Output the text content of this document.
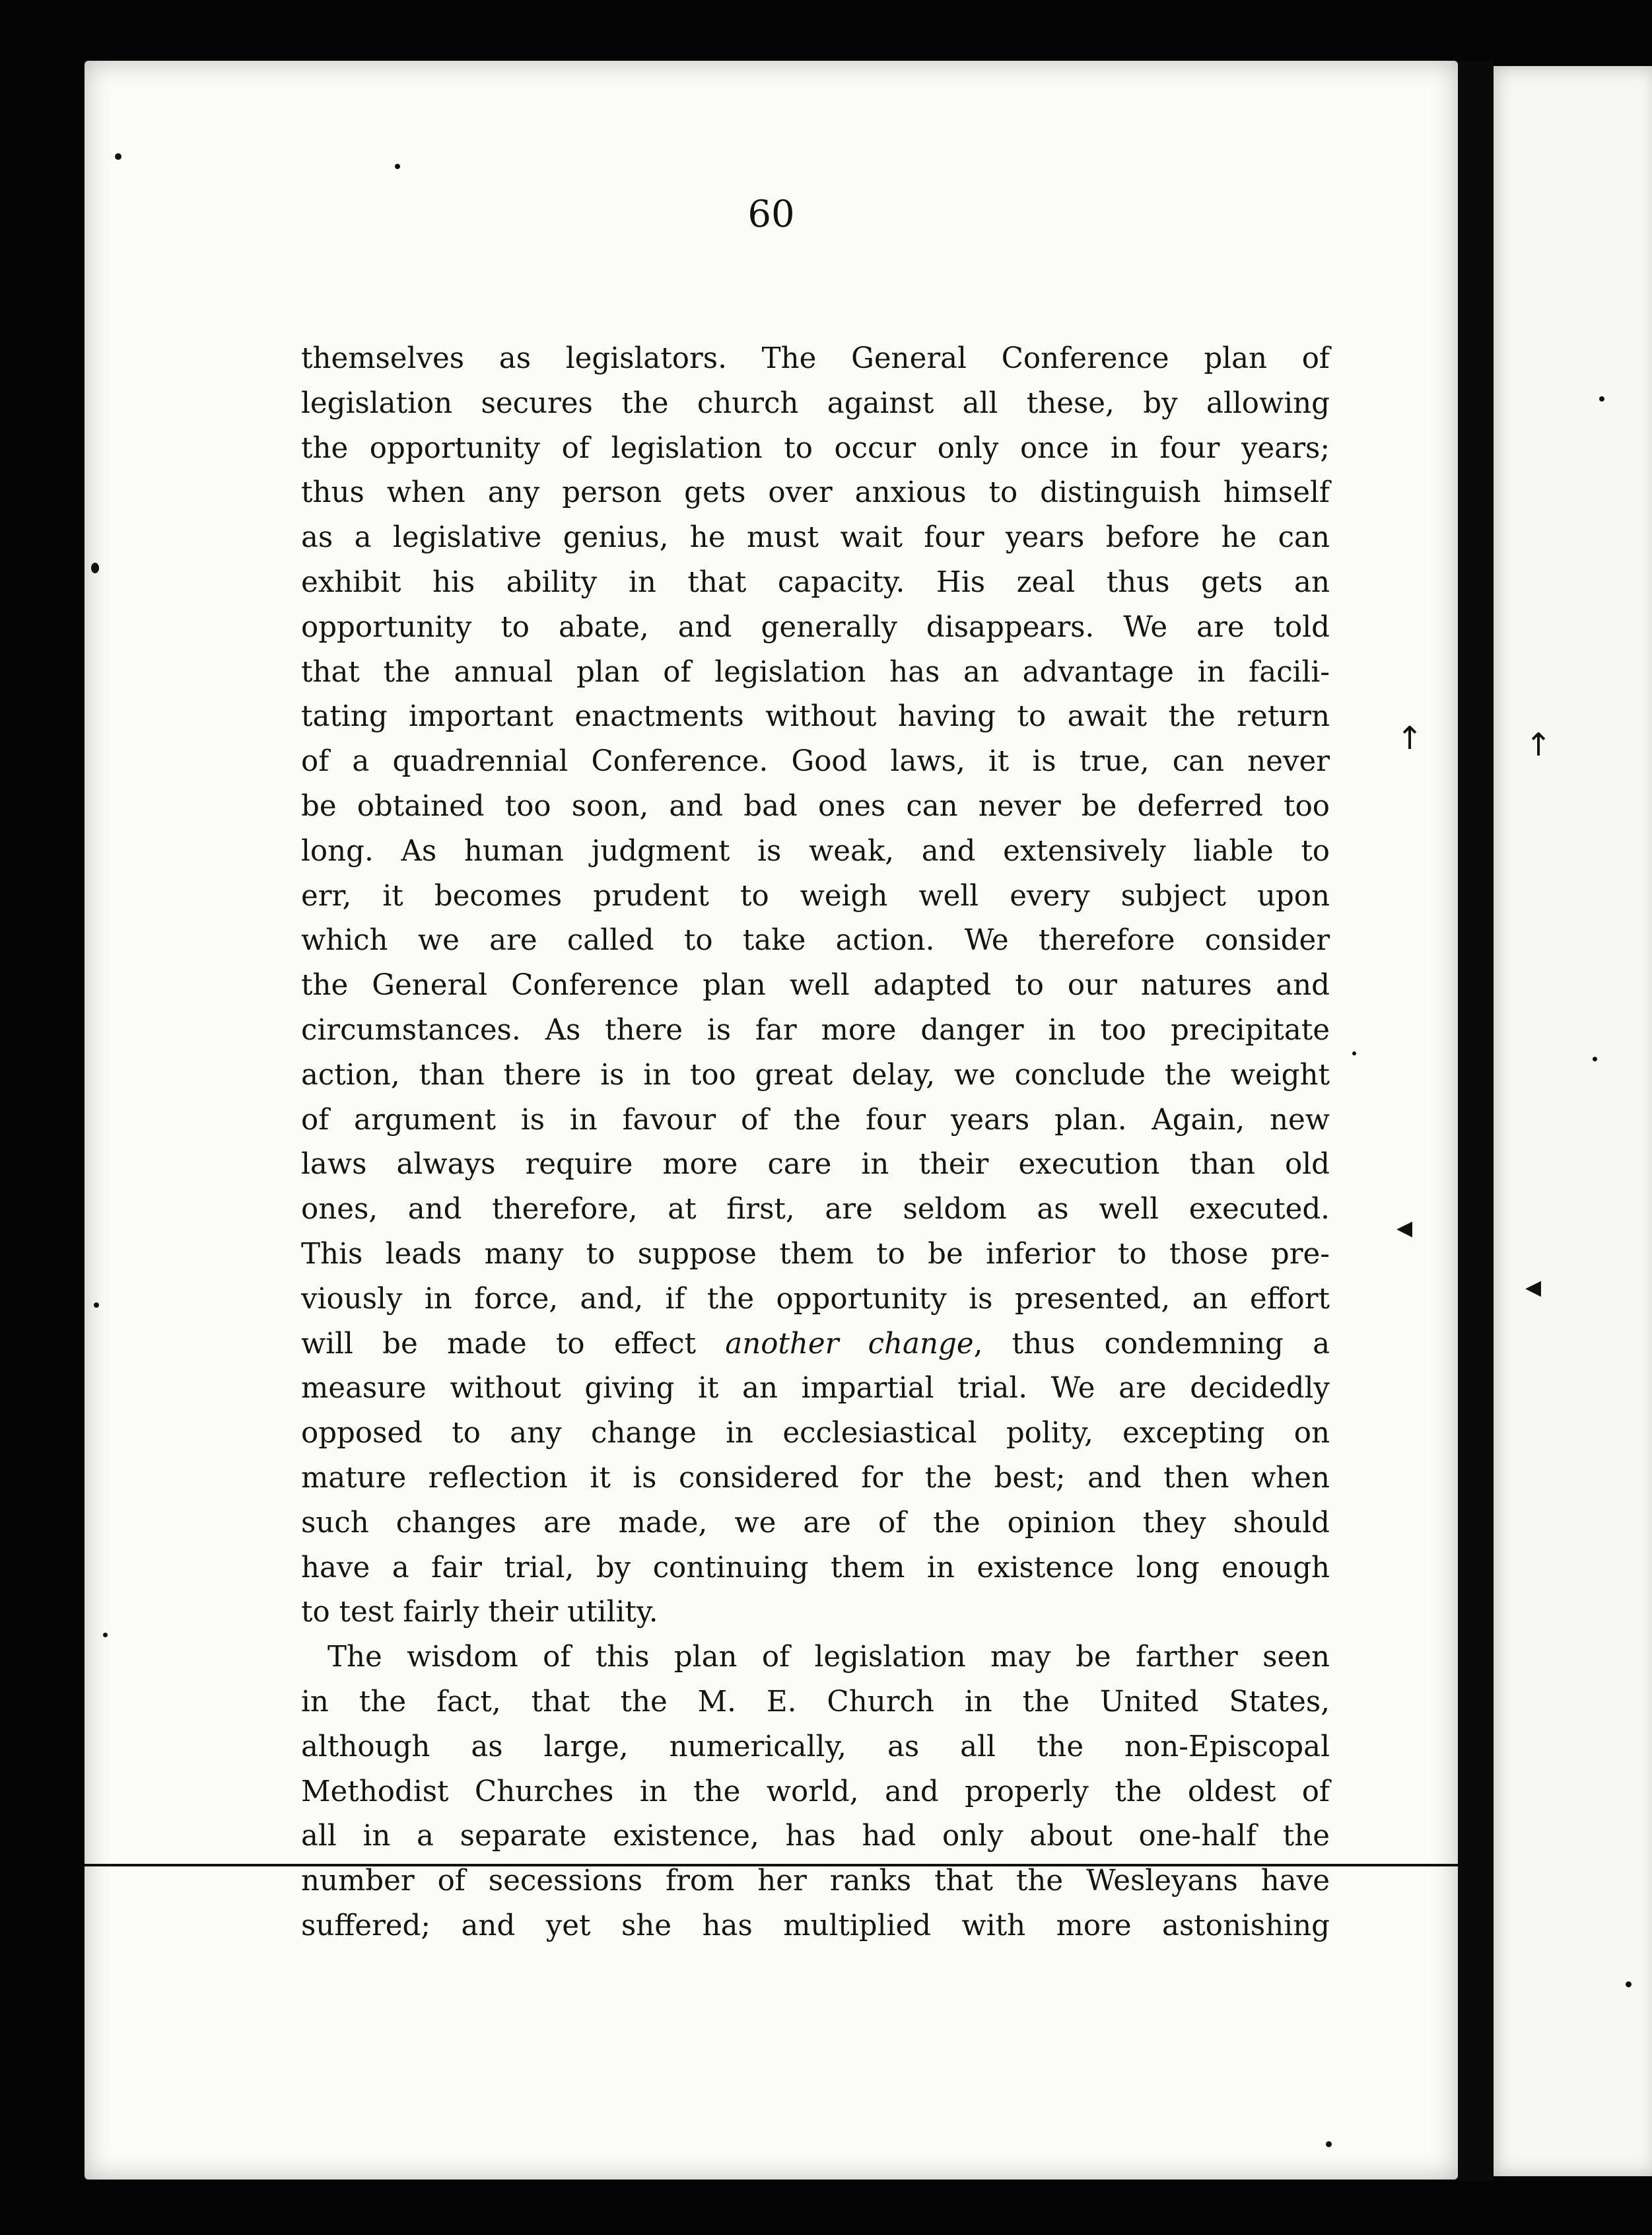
60
themselves as legislators. The General Conference plan of
legislation secures the church against all these, by allowing
the opportunity of legislation to occur only once in four years;
thus when any person gets over anxious to distinguish himself
as a legislative genius, he must wait four years before he can
exhibit his ability in that capacity. His zeal thus gets an
opportunity to abate, and generally disappears. We are told
that the annual plan of legislation has an advantage in facili-
tating important enactments without having to await the return
of a quadrennial Conference. Good laws, it is true, can never
be obtained too soon, and bad ones can never be deferred too
long. As human judgment is weak, and extensively liable to
err, it becomes prudent to weigh well every subject upon
which we are called to take action. We therefore consider
the General Conference plan well adapted to our natures and
circumstances. As there is far more danger in too precipitate
action, than there is in too great delay, we conclude the weight
of argument is in favour of the four years plan. Again, new
laws always require more care in their execution than old
ones, and therefore, at first, are seldom as well executed.
This leads many to suppose them to be inferior to those pre-
viously in force, and, if the opportunity is presented, an effort
will be made to effect another change, thus condemning a
measure without giving it an impartial trial. We are decidedly
opposed to any change in ecclesiastical polity, excepting on
mature reflection it is considered for the best; and then when
such changes are made, we are of the opinion they should
have a fair trial, by continuing them in existence long enough
to test fairly their utility.
The wisdom of this plan of legislation may be farther seen
in the fact, that the M. E. Church in the United States,
although as large, numerically, as all the non-Episcopal
Methodist Churches in the world, and properly the oldest of
all in a separate existence, has had only about one-half the
number of secessions from her ranks that the Wesleyans have
suffered; and yet she has multiplied with more astonishing
↑
◂
↑
◂
